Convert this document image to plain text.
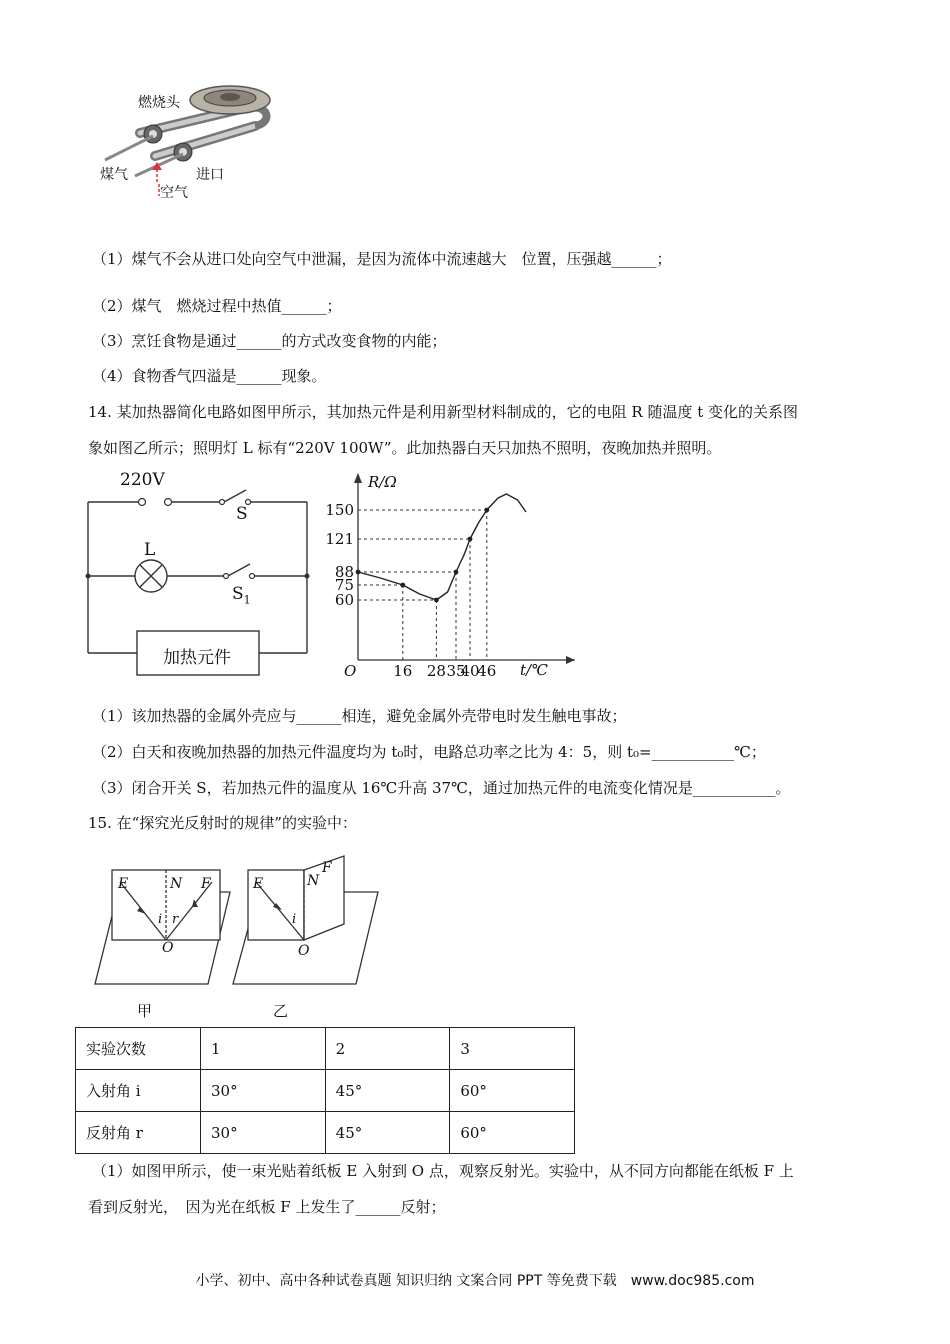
燃烧头
煤气	进口
空气
（1）煤气不会从进口处向空气中泄漏，是因为流体中流速越大　位置，压强越______；
（2）煤气　燃烧过程中热值______；
（3）烹饪食物是通过______的方式改变食物的内能；
（4）食物香气四溢是______现象。
14. 某加热器简化电路如图甲所示，其加热元件是利用新型材料制成的，它的电阻 R 随温度 t 变化的关系图
象如图乙所示；照明灯 L 标有“220V 100W”。此加热器白天只加热不照明，夜晚加热并照明。
220V
S
L
$S_1$
加热元件
150
121
88
75
60
16 28 35
40
46
O
R/Ω
t/℃
（1）该加热器的金属外壳应与______相连，避免金属外壳带电时发生触电事故；
（2）白天和夜晚加热器的加热元件温度均为 t₀时，电路总功率之比为 4：5，则 t₀=___________℃；
（3）闭合开关 S，若加热元件的温度从 16℃升高 37℃，通过加热元件的电流变化情况是___________。
15. 在“探究光反射时的规律”的实验中：
E	N F
i r
O
甲
E	N
F
i
O
乙
实验次数	1	2	3
入射角 i	30°	45°	60°
反射角 r	30°	45°	60°
（1）如图甲所示，使一束光贴着纸板 E 入射到 O 点，观察反射光。实验中，从不同方向都能在纸板 F 上
看到反射光，　因为光在纸板 F 上发生了______反射；
小学、初中、高中各种试卷真题 知识归纳 文案合同 PPT 等免费下载　www.doc985.com
